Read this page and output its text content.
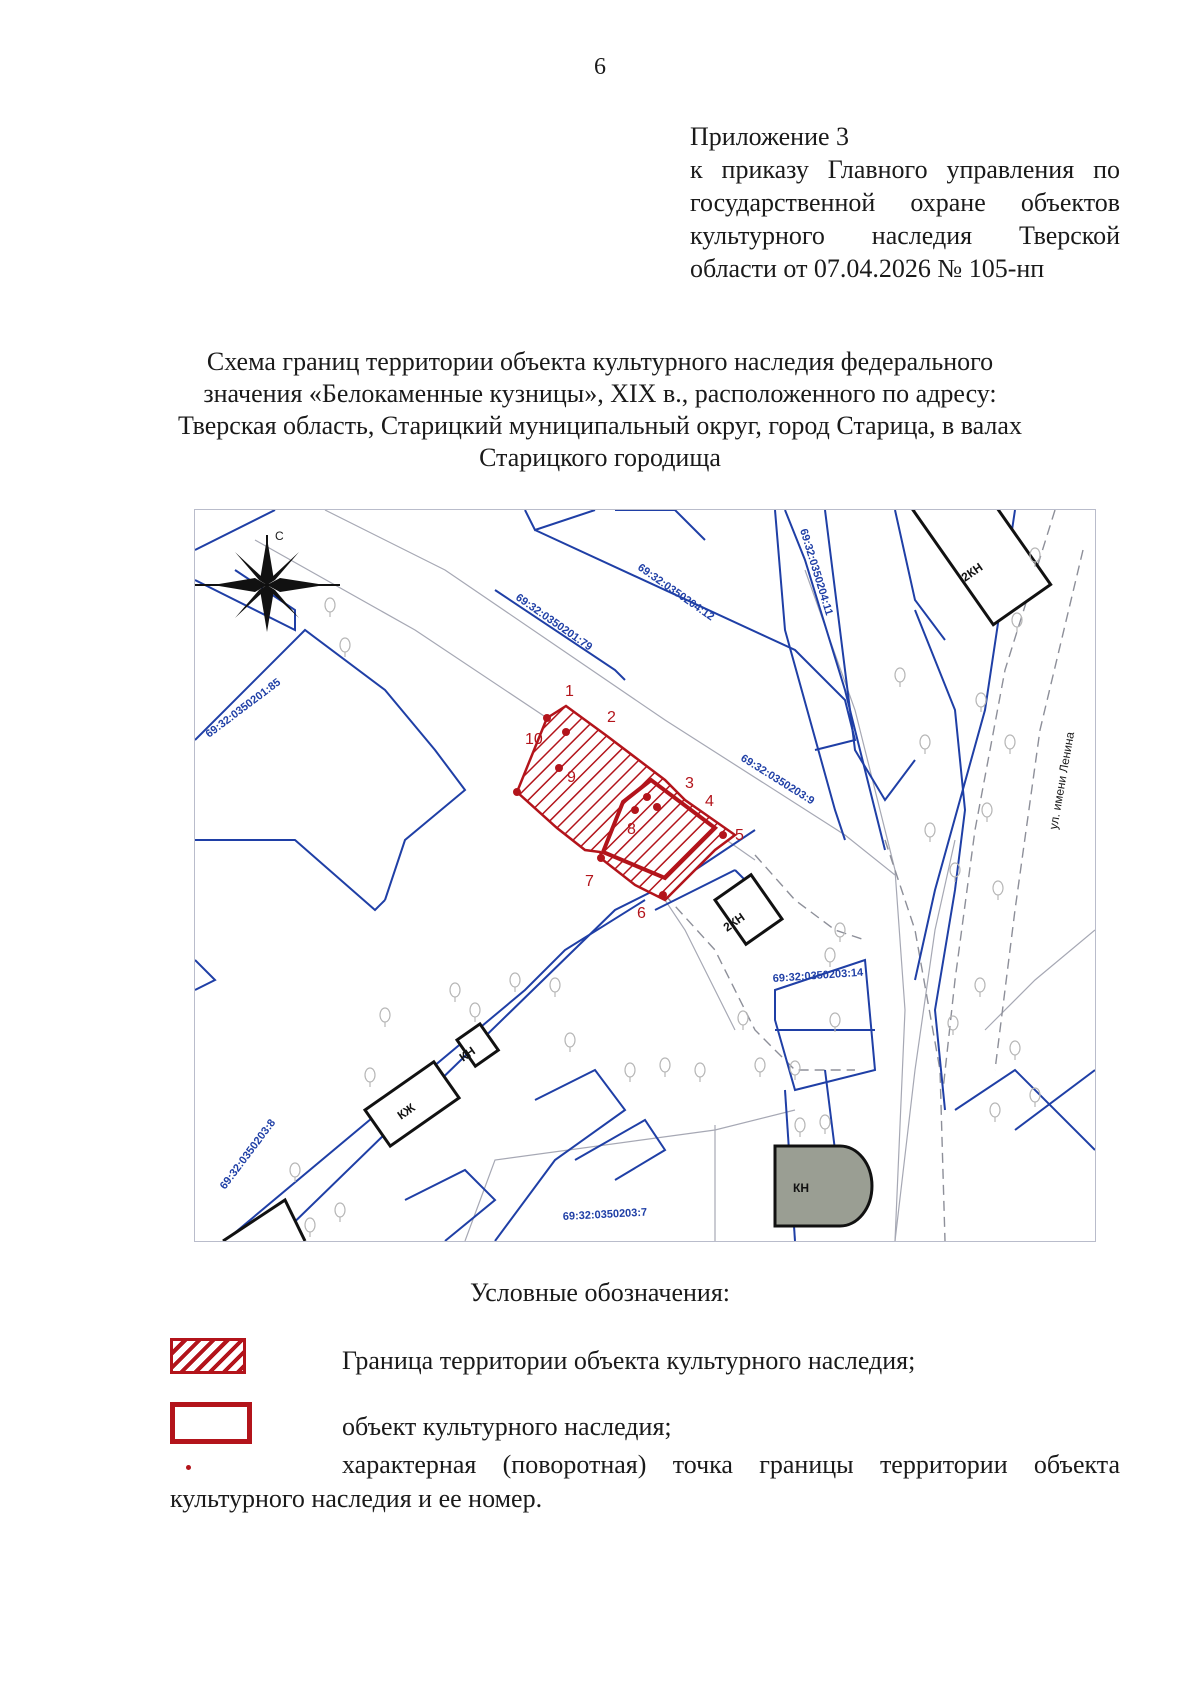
6
Приложение 3
к приказу Главного управления по
государственной охране объектов
культурного наследия Тверской
области от 07.04.2026 № 105-нп
Схема границ территории объекта культурного наследия федерального
значения «Белокаменные кузницы», XIX в., расположенного по адресу:
Тверская область, Старицкий муниципальный округ, город Старица, в валах
Старицкого городища
С
2КН
2КН
КЖ
КН
КН
1
2
3
4
5
6
7
8
9
10
69:32:0350201:85
69:32:0350201:79	69:32:0350204:12	69:32:0350204:11
69:32:0350203:9
69:32:0350203:14
69:32:0350203:8
69:32:0350203:7
ул. имени Ленина
Условные обозначения:
Граница территории объекта культурного наследия;
объект культурного наследия;
характерная (поворотная) точка границы территории объекта культурного наследия и ее номер.
